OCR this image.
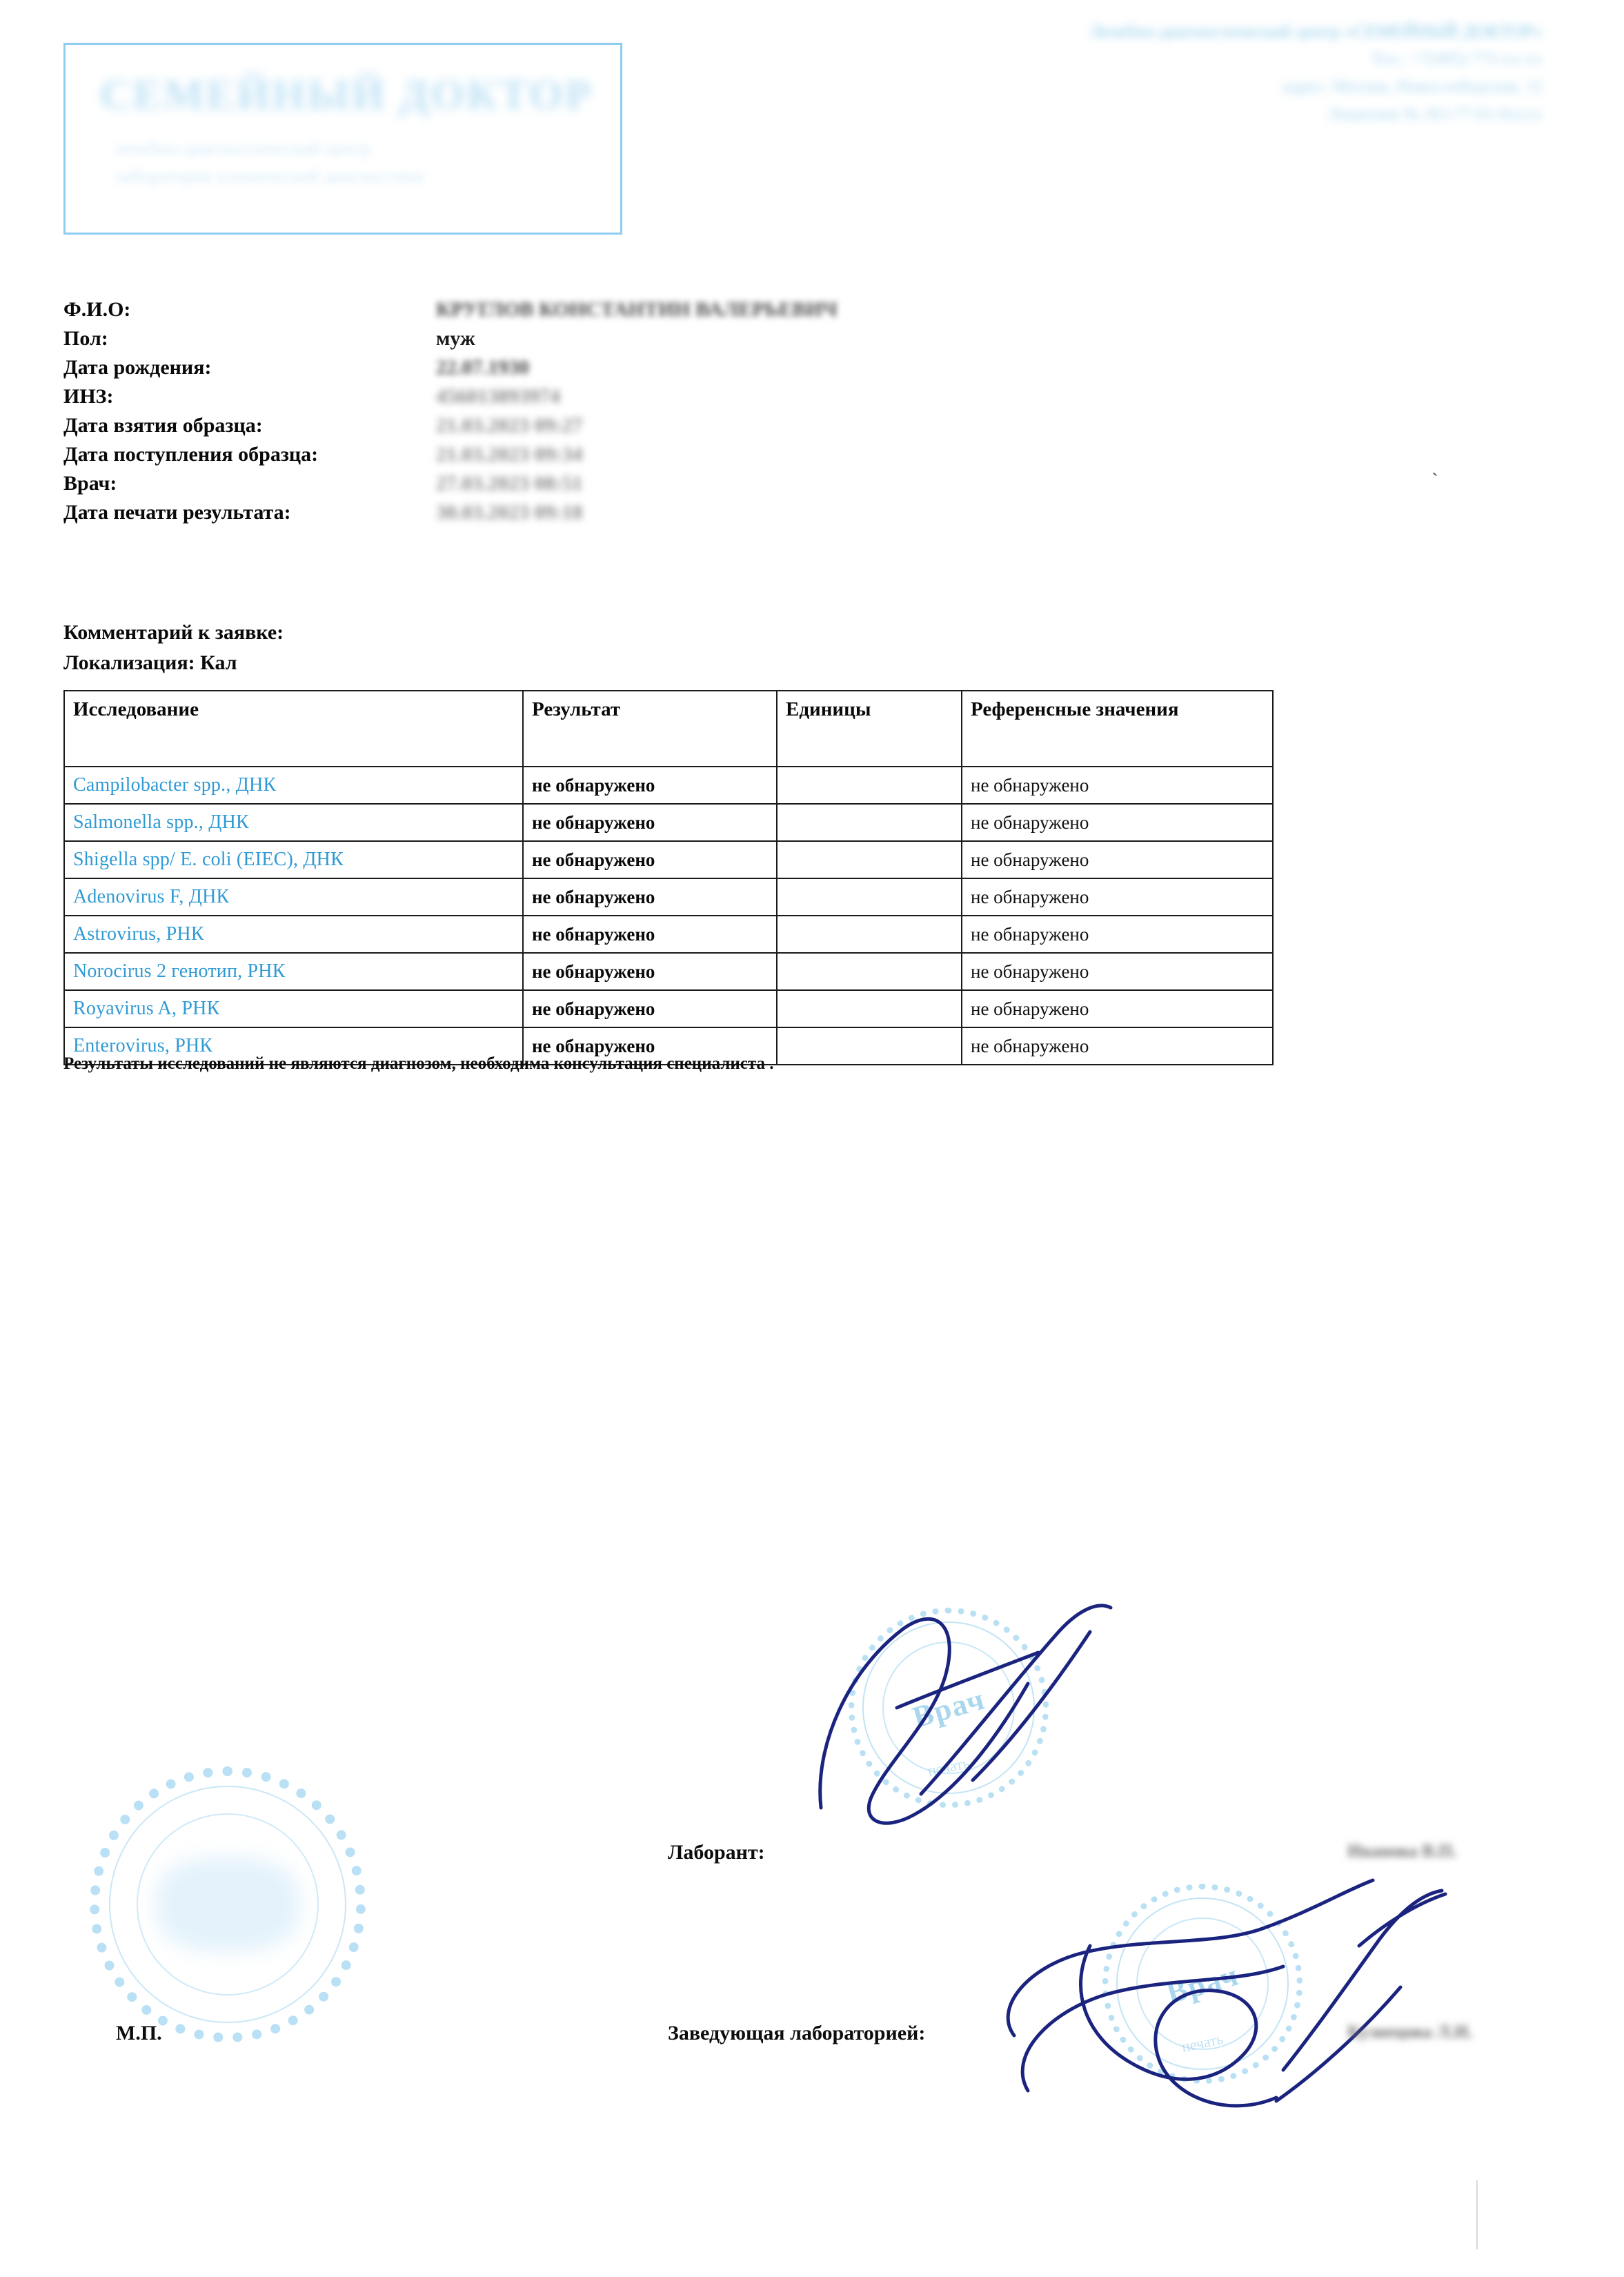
СЕМЕЙНЫЙ ДОКТОР
лечебно-диагностический центр
лаборатория клинической диагностики
Лечебно-диагностический центр «СЕМЕЙНЫЙ ДОКТОР»
Тел.: +7(495) 775-xx-xx
адрес: Москва, Новослободская, 12
Лицензия № ЛО-77-01-0хххх
`
Ф.И.О:	КРУГЛОВ КОНСТАНТИН ВАЛЕРЬЕВИЧ
Пол:	муж
Дата рождения:	22.07.1930
ИНЗ:	456013893974
Дата взятия образца:	21.03.2023 09:27
Дата поступления образца:	21.03.2023 09:34
Врач:	27.03.2023 08:51
Дата печати результата:	30.03.2023 09:18
Комментарий к заявке:
Локализация: Кал
Исследование	Результат	Единицы	Референсные значения
Campilobacter spp., ДНК	не обнаружено		не обнаружено
Salmonella spp., ДНК	не обнаружено		не обнаружено
Shigella spp/ E. coli (EIEC), ДНК	не обнаружено		не обнаружено
Adenovirus F, ДНК	не обнаружено		не обнаружено
Astrovirus, РНК	не обнаружено		не обнаружено
Norocirus 2 генотип, РНК	не обнаружено		не обнаружено
Royavirus A, РНК	не обнаружено		не обнаружено
Enterovirus, РНК	не обнаружено		не обнаружено
Результаты исследований не являются диагнозом, необходима консультация специалиста .
М.П.
Врач
печать
Врач
печать
Лаборант:	Иванова В.П.
Заведующая лабораторией:	Кузнецова Л.И.
